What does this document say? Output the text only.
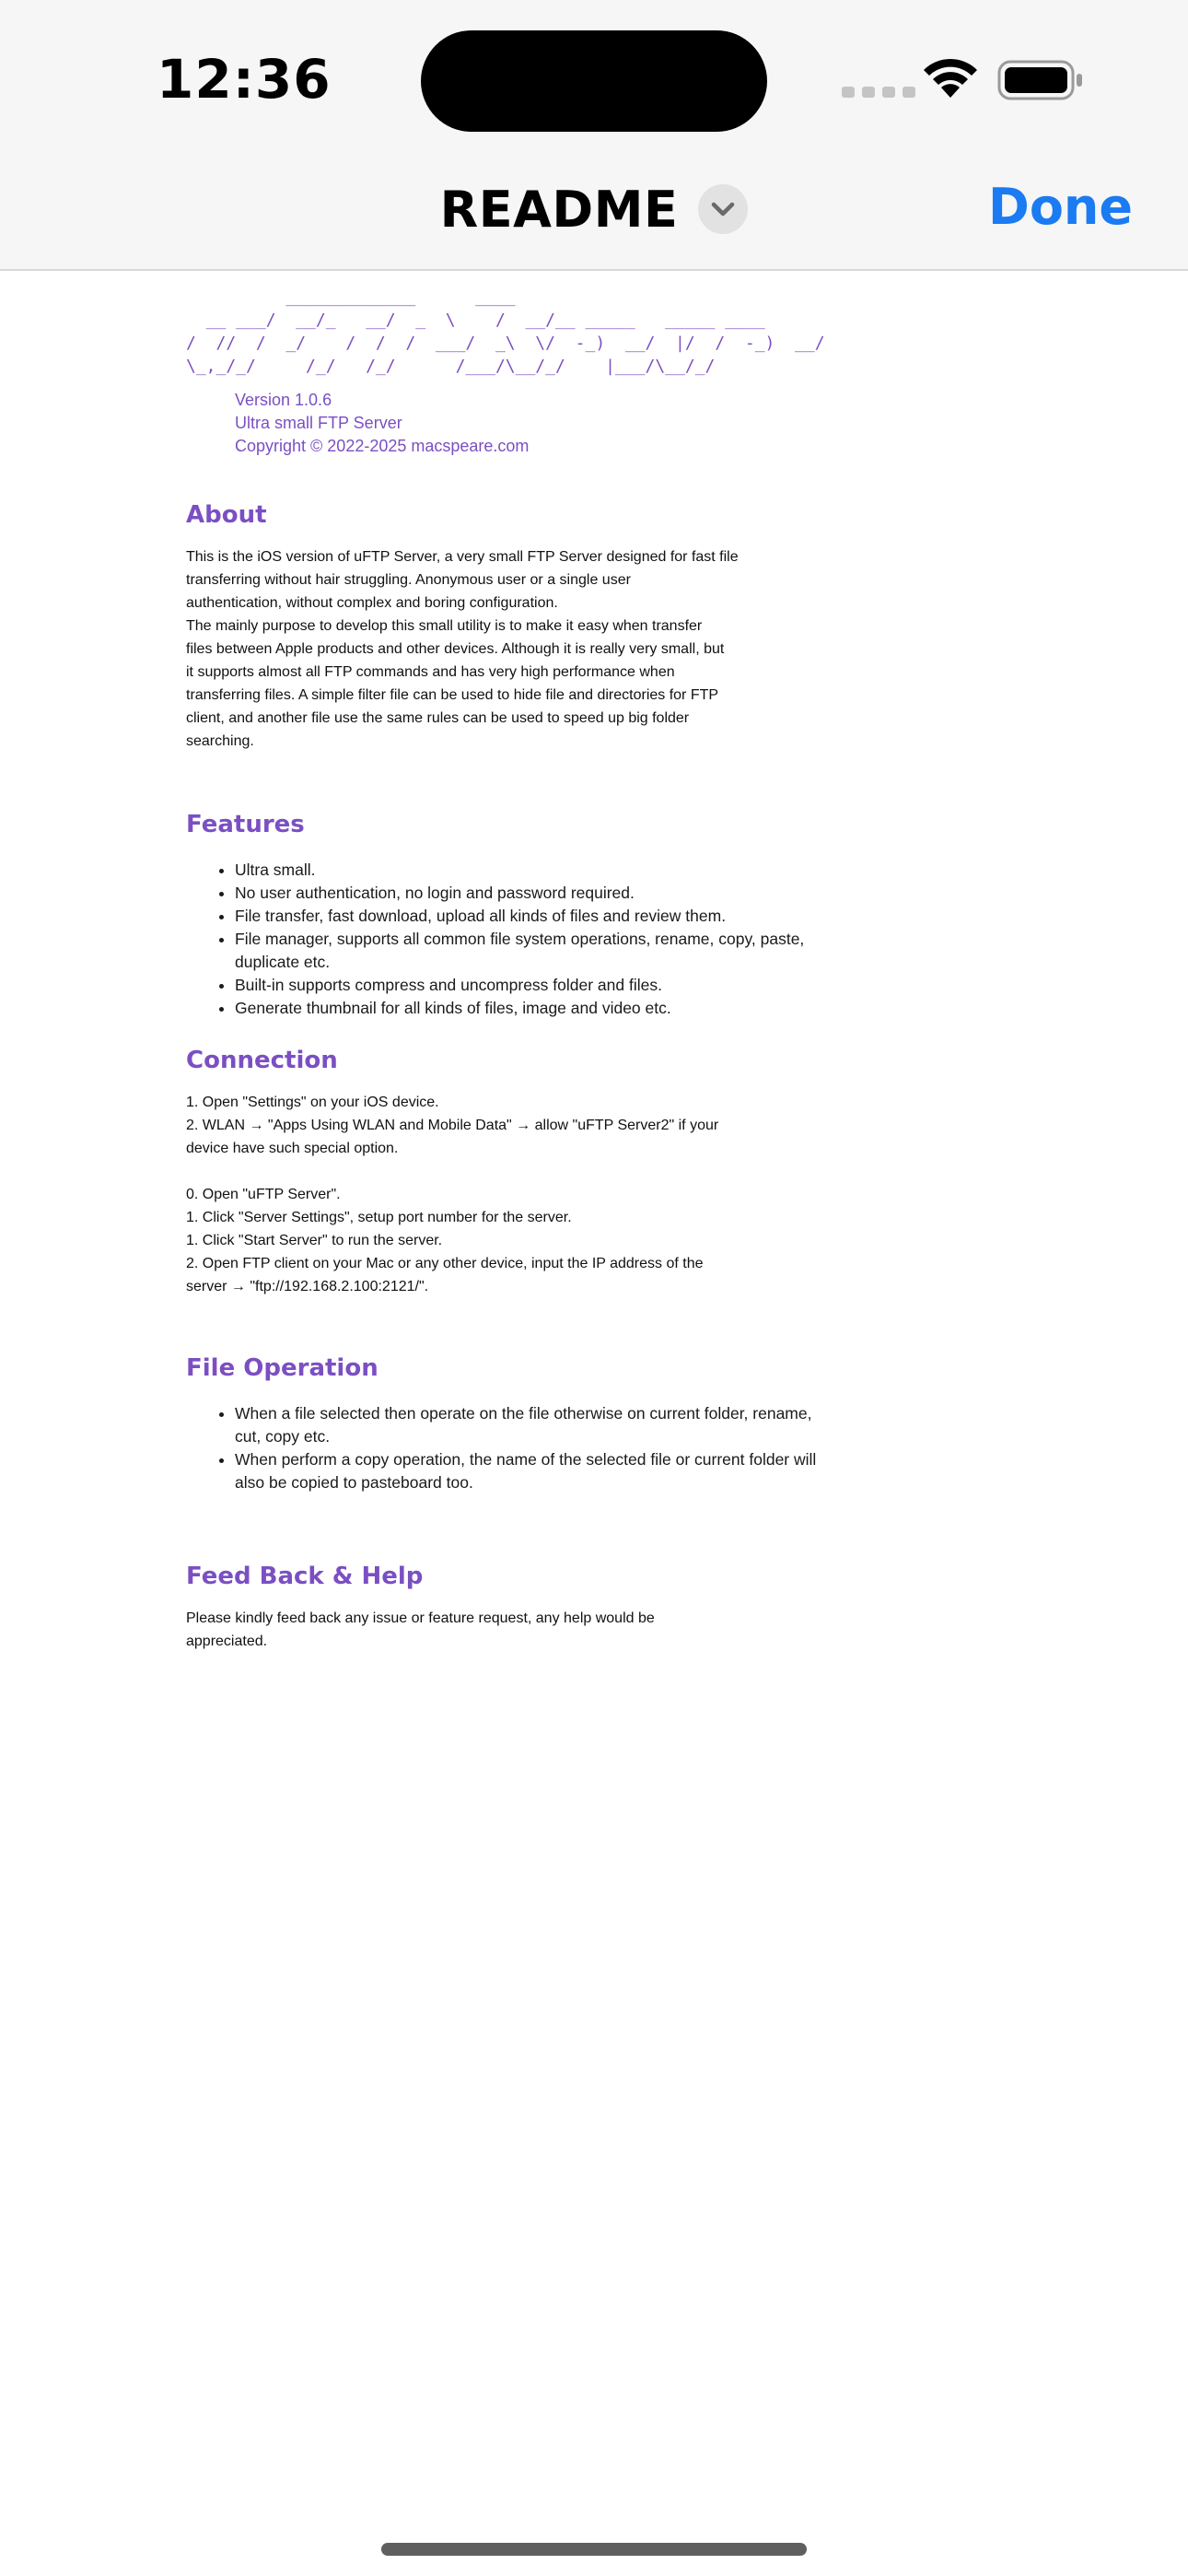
12:36
README	Done
_____________      ____
__ ___/  __/_   __/  _  \    /  __/__ _____   _____ ____
/  //  /  _/    /  /  /  ___/  _\  \/  -_)  __/  |/  /  -_)  __/
\_,_/_/     /_/   /_/      /___/\__/_/    |___/\__/_/
Version 1.0.6
Ultra small FTP Server
Copyright © 2022-2025 macspeare.com
About
This is the iOS version of uFTP Server, a very small FTP Server designed for fast file
transferring without hair struggling. Anonymous user or a single user
authentication, without complex and boring configuration.
The mainly purpose to develop this small utility is to make it easy when transfer
files between Apple products and other devices. Although it is really very small, but
it supports almost all FTP commands and has very high performance when
transferring files. A simple filter file can be used to hide file and directories for FTP
client, and another file use the same rules can be used to speed up big folder
searching.
Features
• Ultra small.
• No user authentication, no login and password required.
• File transfer, fast download, upload all kinds of files and review them.
• File manager, supports all common file system operations, rename, copy, paste, duplicate etc.
• Built-in supports compress and uncompress folder and files.
• Generate thumbnail for all kinds of files, image and video etc.
Connection
1. Open "Settings" on your iOS device.
2. WLAN → "Apps Using WLAN and Mobile Data" → allow "uFTP Server2" if your
device have such special option.
0. Open "uFTP Server".
1. Click "Server Settings", setup port number for the server.
1. Click "Start Server" to run the server.
2. Open FTP client on your Mac or any other device, input the IP address of the
server → "ftp://192.168.2.100:2121/".
File Operation
• When a file selected then operate on the file otherwise on current folder, rename, cut, copy etc.
• When perform a copy operation, the name of the selected file or current folder will also be copied to pasteboard too.
Feed Back & Help
Please kindly feed back any issue or feature request, any help would be
appreciated.
